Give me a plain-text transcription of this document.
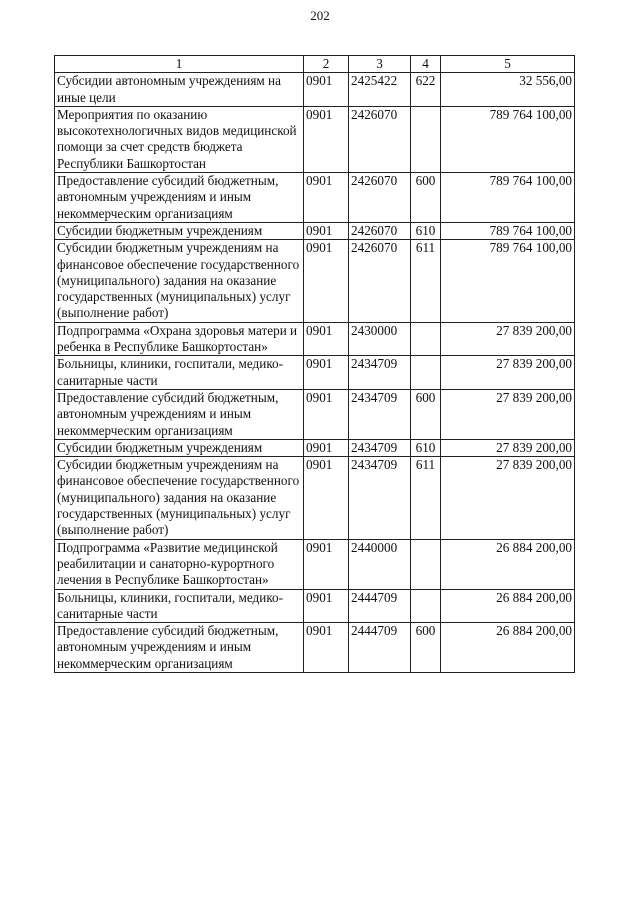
202
1	2	3	4	5
Субсидии автономным учреждениям на иные цели	0901	2425422	622	32 556,00
Мероприятия по оказанию высокотехнологичных видов медицинской помощи за счет средств бюджета Республики Башкортостан	0901	2426070		789 764 100,00
Предоставление субсидий бюджетным, автономным учреждениям и иным некоммерческим организациям	0901	2426070	600	789 764 100,00
Субсидии бюджетным учреждениям	0901	2426070	610	789 764 100,00
Субсидии бюджетным учреждениям на финансовое обеспечение государственного (муниципального) задания на оказание государственных (муниципальных) услуг (выполнение работ)	0901	2426070	611	789 764 100,00
Подпрограмма «Охрана здоровья матери и ребенка в Республике Башкортостан»	0901	2430000		27 839 200,00
Больницы, клиники, госпитали, медико-санитарные части	0901	2434709		27 839 200,00
Предоставление субсидий бюджетным, автономным учреждениям и иным некоммерческим организациям	0901	2434709	600	27 839 200,00
Субсидии бюджетным учреждениям	0901	2434709	610	27 839 200,00
Субсидии бюджетным учреждениям на финансовое обеспечение государственного (муниципального) задания на оказание государственных (муниципальных) услуг (выполнение работ)	0901	2434709	611	27 839 200,00
Подпрограмма «Развитие медицинской реабилитации и санаторно-курортного лечения в Республике Башкортостан»	0901	2440000		26 884 200,00
Больницы, клиники, госпитали, медико-санитарные части	0901	2444709		26 884 200,00
Предоставление субсидий бюджетным, автономным учреждениям и иным некоммерческим организациям	0901	2444709	600	26 884 200,00
